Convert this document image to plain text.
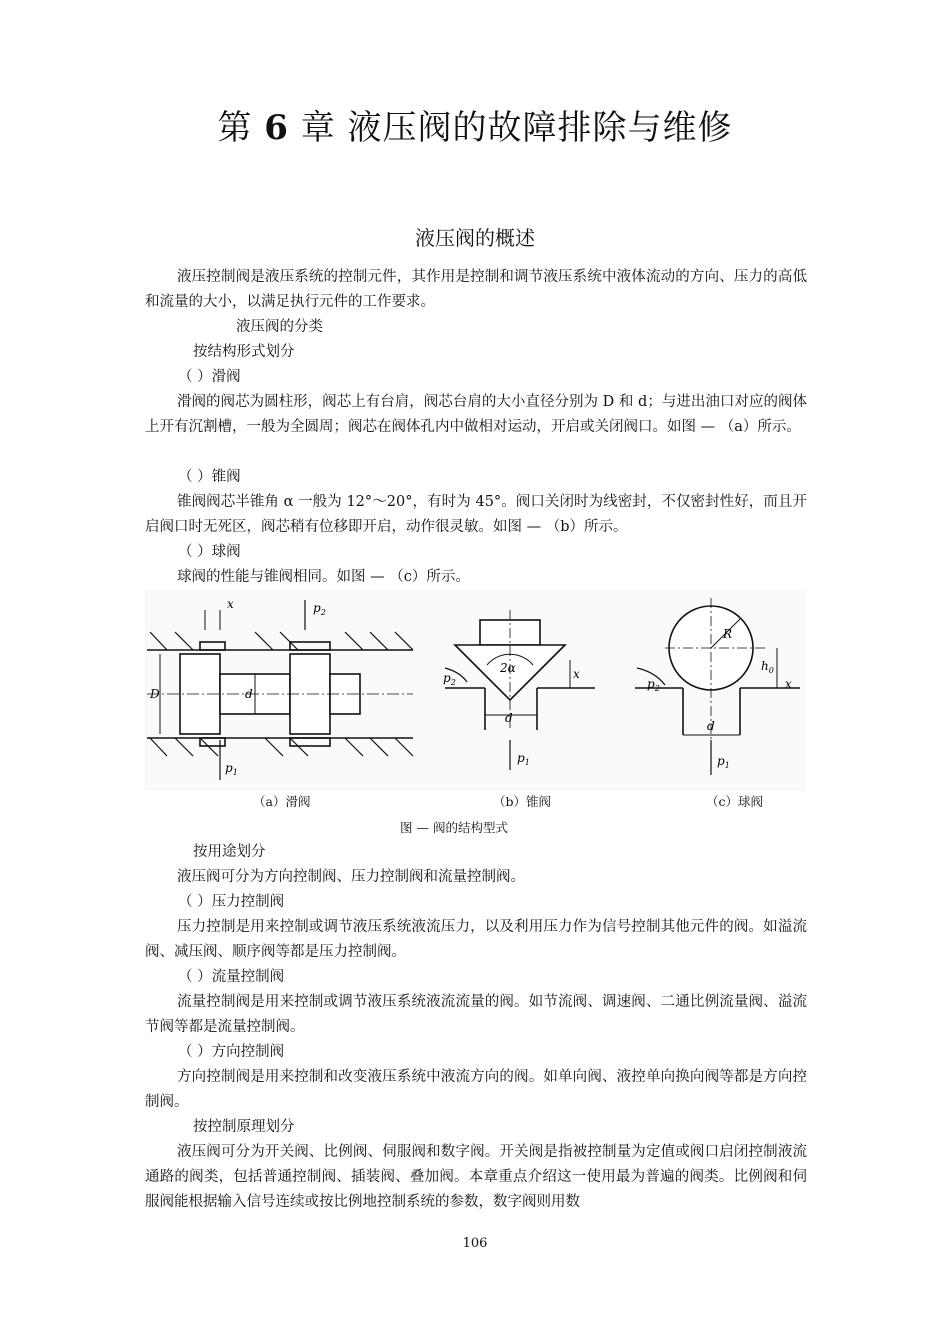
第 6 章 液压阀的故障排除与维修
液压阀的概述
液压控制阀是液压系统的控制元件，其作用是控制和调节液压系统中液体流动的方向、压力的高低和流量的大小，以满足执行元件的工作要求。
液压阀的分类
按结构形式划分
（ ）滑阀
滑阀的阀芯为圆柱形，阀芯上有台肩，阀芯台肩的大小直径分别为 D 和 d；与进出油口对应的阀体上开有沉割槽，一般为全圆周；阀芯在阀体孔内中做相对运动，开启或关闭阀口。如图 — （a）所示。
（ ）锥阀
锥阀阀芯半锥角 α 一般为 12°～20°，有时为 45°。阀口关闭时为线密封，不仅密封性好，而且开启阀口时无死区，阀芯稍有位移即开启，动作很灵敏。如图 — （b）所示。
（ ）球阀
球阀的性能与锥阀相同。如图 — （c）所示。
x	$p_2$
D	d
$p_1$
2α	x
d
$p_2$
$p_1$
R
$h_0$
x
d
$p_2$
$p_1$
（a）滑阀	（b）锥阀	（c）球阀
图 — 阀的结构型式
按用途划分
液压阀可分为方向控制阀、压力控制阀和流量控制阀。
（ ）压力控制阀
压力控制是用来控制或调节液压系统液流压力，以及利用压力作为信号控制其他元件的阀。如溢流阀、减压阀、顺序阀等都是压力控制阀。
（ ）流量控制阀
流量控制阀是用来控制或调节液压系统液流流量的阀。如节流阀、调速阀、二通比例流量阀、溢流节阀等都是流量控制阀。
（ ）方向控制阀
方向控制阀是用来控制和改变液压系统中液流方向的阀。如单向阀、液控单向换向阀等都是方向控制阀。
按控制原理划分
液压阀可分为开关阀、比例阀、伺服阀和数字阀。开关阀是指被控制量为定值或阀口启闭控制液流通路的阀类，包括普通控制阀、插装阀、叠加阀。本章重点介绍这一使用最为普遍的阀类。比例阀和伺服阀能根据输入信号连续或按比例地控制系统的参数，数字阀则用数
106
